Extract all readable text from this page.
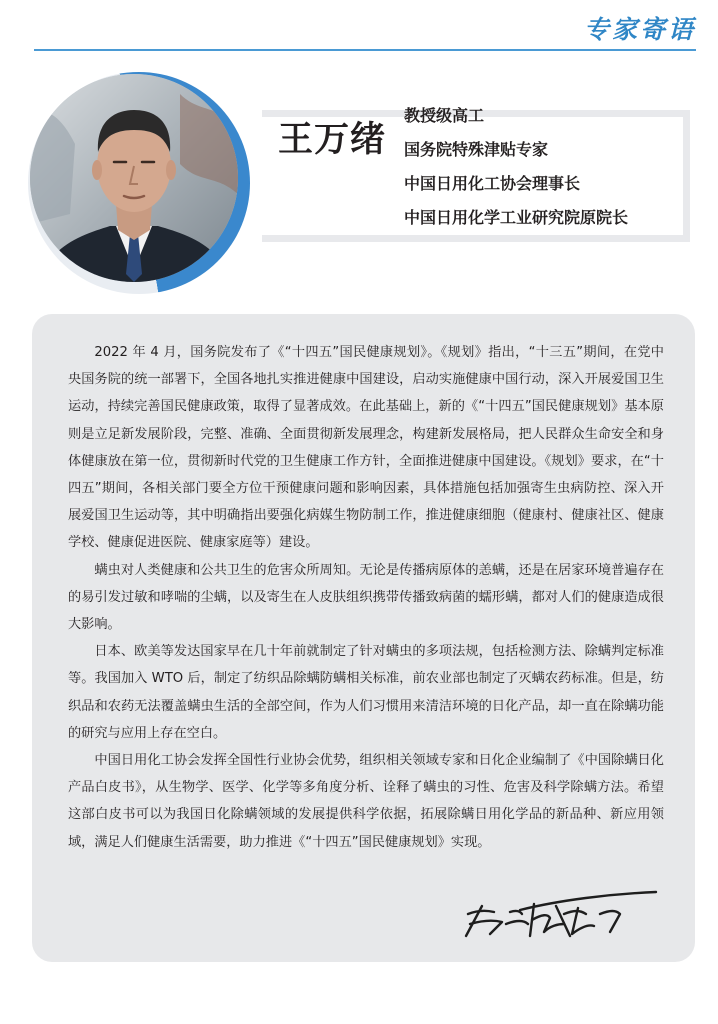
专家寄语
王万绪
教授级高工
国务院特殊津贴专家
中国日用化工协会理事长
中国日用化学工业研究院原院长

2022 年 4 月，国务院发布了《“十四五”国民健康规划》。《规划》指出，“十三五”期间，在党中央国务院的统一部署下，全国各地扎实推进健康中国建设，启动实施健康中国行动，深入开展爱国卫生运动，持续完善国民健康政策，取得了显著成效。在此基础上，新的《“十四五”国民健康规划》基本原则是立足新发展阶段，完整、准确、全面贯彻新发展理念，构建新发展格局，把人民群众生命安全和身体健康放在第一位，贯彻新时代党的卫生健康工作方针，全面推进健康中国建设。《规划》要求，在“十四五”期间，各相关部门要全方位干预健康问题和影响因素，具体措施包括加强寄生虫病防控、深入开展爱国卫生运动等，其中明确指出要强化病媒生物防制工作，推进健康细胞（健康村、健康社区、健康学校、健康促进医院、健康家庭等）建设。

螨虫对人类健康和公共卫生的危害众所周知。无论是传播病原体的恙螨，还是在居家环境普遍存在的易引发过敏和哮喘的尘螨，以及寄生在人皮肤组织携带传播致病菌的蠕形螨，都对人们的健康造成很大影响。

日本、欧美等发达国家早在几十年前就制定了针对螨虫的多项法规，包括检测方法、除螨判定标准等。我国加入 WTO 后，制定了纺织品除螨防螨相关标准，前农业部也制定了灭螨农药标准。但是，纺织品和农药无法覆盖螨虫生活的全部空间，作为人们习惯用来清洁环境的日化产品，却一直在除螨功能的研究与应用上存在空白。

中国日用化工协会发挥全国性行业协会优势，组织相关领域专家和日化企业编制了《中国除螨日化产品白皮书》，从生物学、医学、化学等多角度分析、诠释了螨虫的习性、危害及科学除螨方法。希望这部白皮书可以为我国日化除螨领域的发展提供科学依据，拓展除螨日用化学品的新品种、新应用领域，满足人们健康生活需要，助力推进《“十四五”国民健康规划》实现。
